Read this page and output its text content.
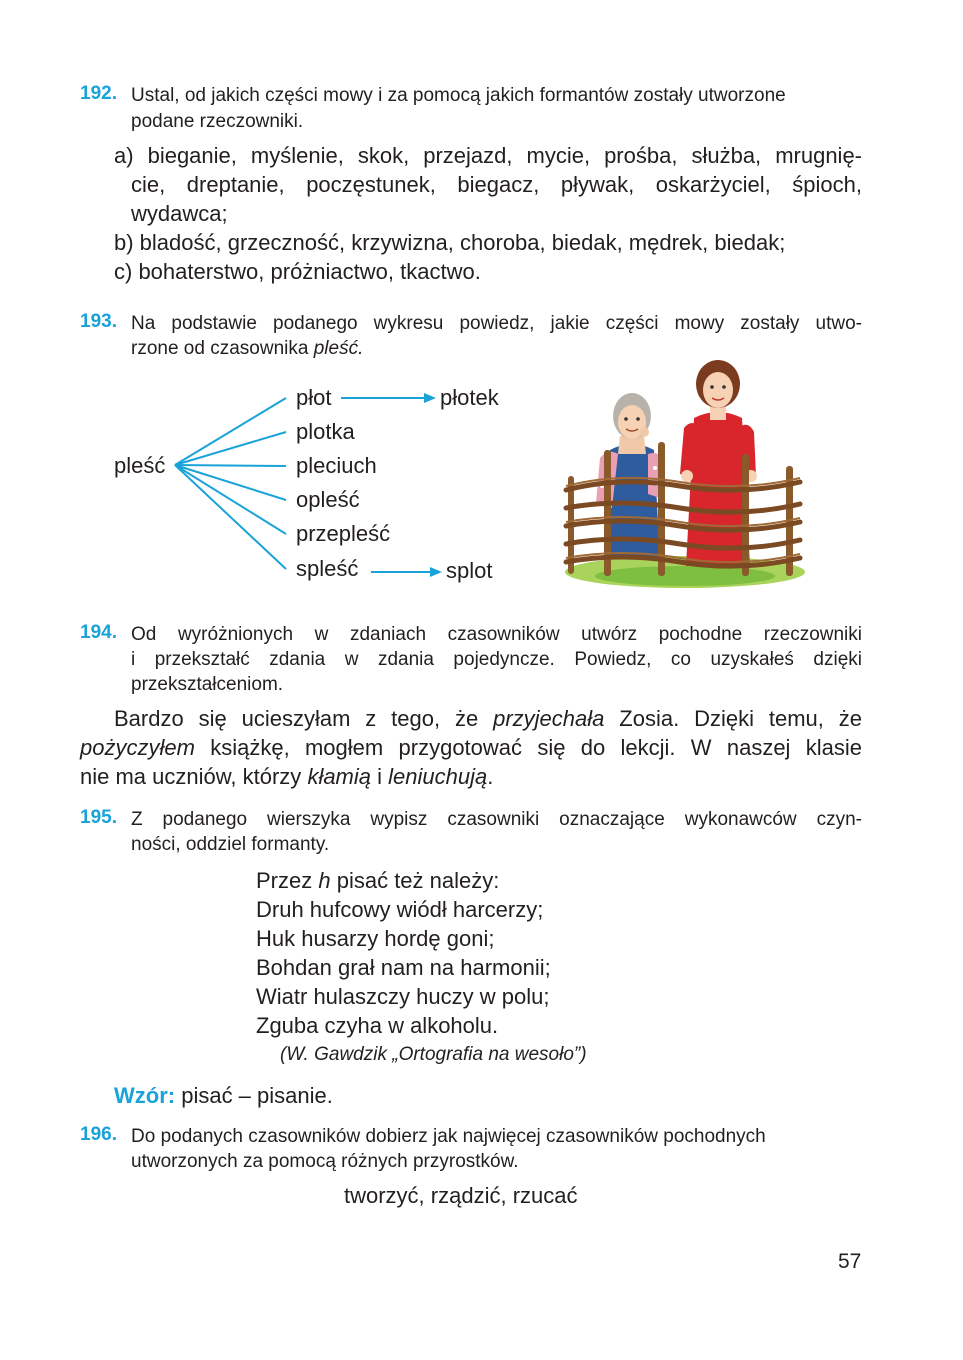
192. Ustal, od jakich części mowy i za pomocą jakich formantów zostały utworzone
podane rzeczowniki.
a) bieganie, myślenie, skok, przejazd, mycie, prośba, służba, mrugnię-
cie, dreptanie, poczęstunek, biegacz, pływak, oskarżyciel, śpioch,
wydawca;
b) bladość, grzeczność, krzywizna, choroba, biedak, mędrek, biedak;
c) bohaterstwo, próżniactwo, tkactwo.
193. Na podstawie podanego wykresu powiedz, jakie części mowy zostały utwo-
rzone od czasownika pleść.
pleść
płot
plotka
pleciuch
opleść
przepleść
spleść
płotek
splot
194. Od wyróżnionych w zdaniach czasowników utwórz pochodne rzeczowniki
i przekształć zdania w zdania pojedyncze. Powiedz, co uzyskałeś dzięki
przekształceniom.
Bardzo się ucieszyłam z tego, że przyjechała Zosia. Dzięki temu, że
pożyczyłem książkę, mogłem przygotować się do lekcji. W naszej klasie
nie ma uczniów, którzy kłamią i leniuchują.
195. Z podanego wierszyka wypisz czasowniki oznaczające wykonawców czyn-
ności, oddziel formanty.
Przez h pisać też należy:
Druh hufcowy wiódł harcerzy;
Huk husarzy hordę goni;
Bohdan grał nam na harmonii;
Wiatr hulaszczy huczy w polu;
Zguba czyha w alkoholu.
(W. Gawdzik „Ortografia na wesoło”)
Wzór: pisać – pisanie.
196. Do podanych czasowników dobierz jak najwięcej czasowników pochodnych
utworzonych za pomocą różnych przyrostków.
tworzyć, rządzić, rzucać
57
